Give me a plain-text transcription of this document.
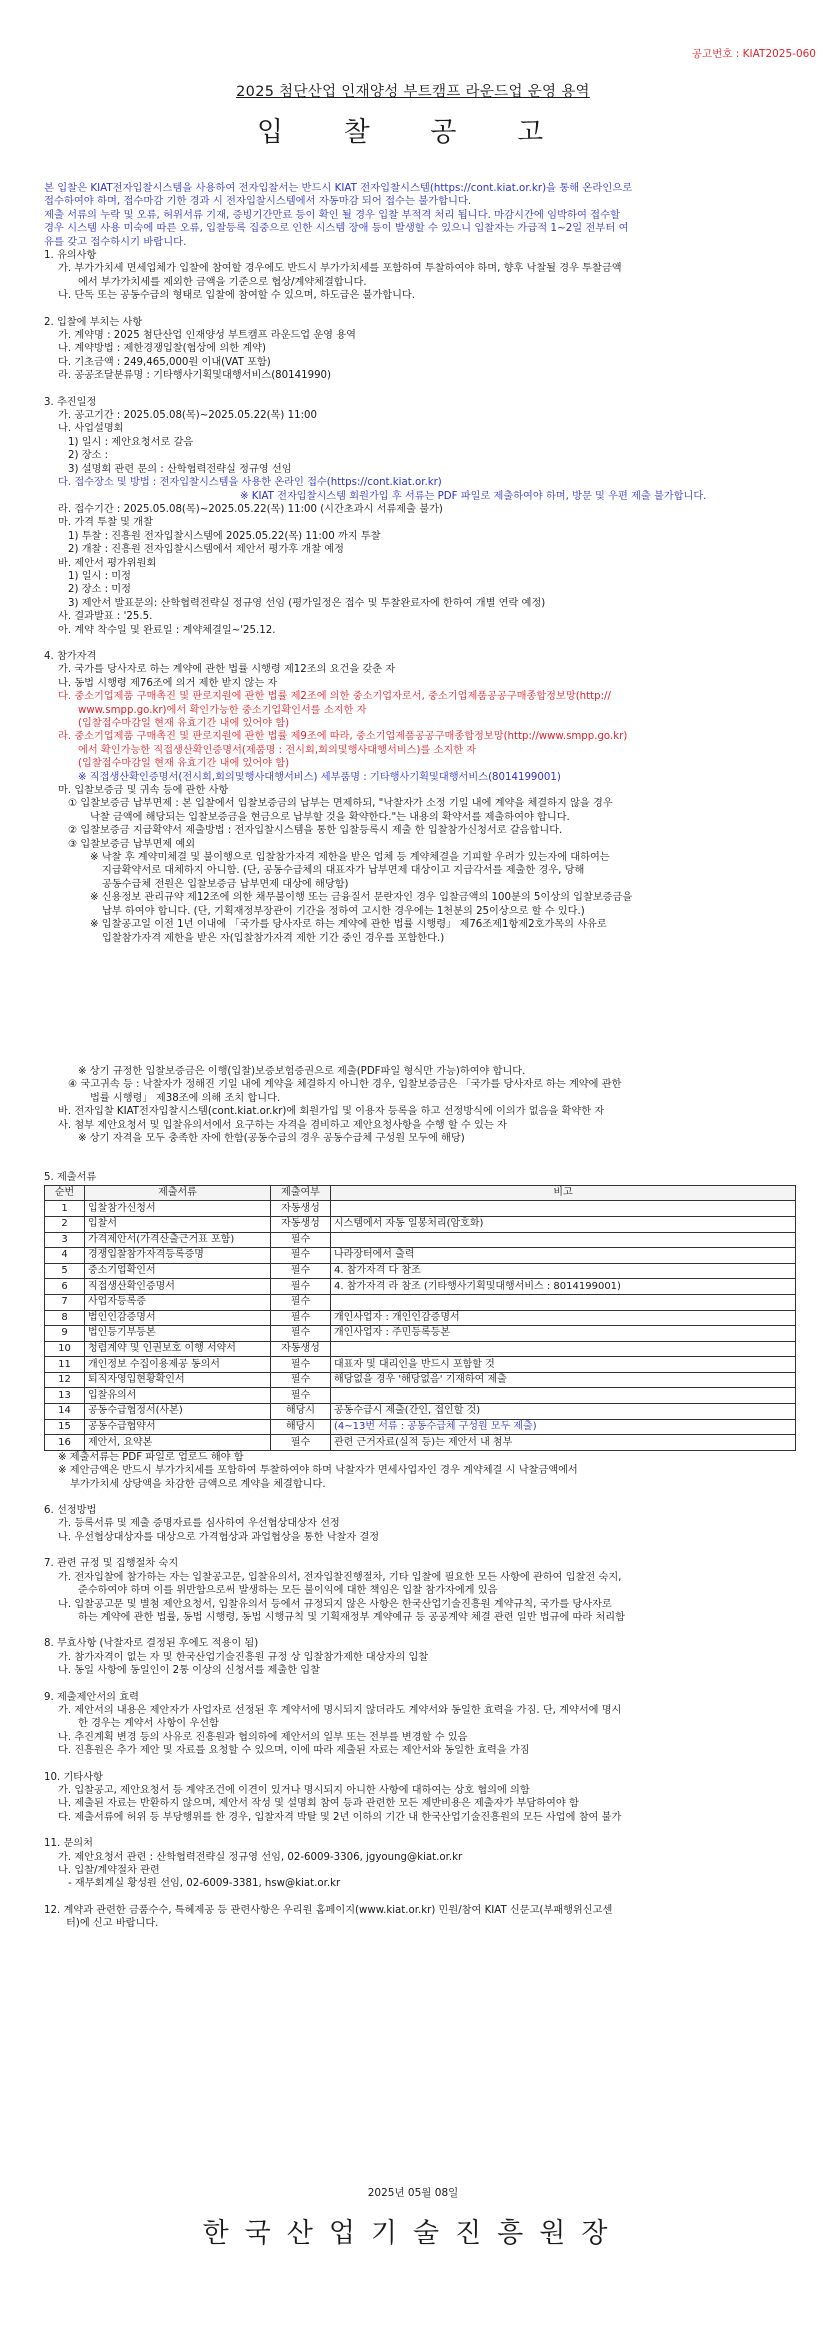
공고번호 : KIAT2025-060
2025 첨단산업 인재양성 부트캠프 라운드업 운영 용역
입 찰 공 고

본 입찰은 KIAT전자입찰시스템을 사용하여 전자입찰서는 반드시 KIAT 전자입찰시스템(https://cont.kiat.or.kr)을 통해 온라인으로

접수하여야 하며, 접수마감 기한 경과 시 전자입찰시스템에서 자동마감 되어 접수는 불가합니다.

제출 서류의 누락 및 오류, 허위서류 기재, 증빙기간만료 등이 확인 될 경우 입찰 부적격 처리 됩니다. 마감시간에 임박하여 접수할

경우 시스템 사용 미숙에 따른 오류, 입찰등록 집중으로 인한 시스템 장애 등이 발생할 수 있으니 입찰자는 가급적 1~2일 전부터 여

유를 갖고 접수하시기 바랍니다.

1. 유의사항

가. 부가가치세 면세업체가 입찰에 참여할 경우에도 반드시 부가가치세를 포함하여 투찰하여야 하며, 향후 낙찰될 경우 투찰금액

에서 부가가치세를 제외한 금액을 기준으로 협상/계약체결합니다.

나. 단독 또는 공동수급의 형태로 입찰에 참여할 수 있으며, 하도급은 불가합니다.

2. 입찰에 부치는 사항

가. 계약명 : 2025 첨단산업 인재양성 부트캠프 라운드업 운영 용역

나. 계약방법 : 제한경쟁입찰(협상에 의한 계약)

다. 기초금액 : 249,465,000원 이내(VAT 포함)

라. 공공조달분류명 : 기타행사기획및대행서비스(80141990)

3. 추진일정

가. 공고기간 : 2025.05.08(목)~2025.05.22(목) 11:00

나. 사업설명회

1) 일시 : 제안요청서로 갈음

2) 장소 :

3) 설명회 관련 문의 : 산학협력전략실 정규영 선임

다. 접수장소 및 방법 : 전자입찰시스템을 사용한 온라인 접수(https://cont.kiat.or.kr)

※ KIAT 전자입찰시스템 회원가입 후 서류는 PDF 파일로 제출하여야 하며, 방문 및 우편 제출 불가합니다.

라. 접수기간 : 2025.05.08(목)~2025.05.22(목) 11:00 (시간초과시 서류제출 불가)

마. 가격 투찰 및 개찰

1) 투찰 : 진흥원 전자입찰시스템에 2025.05.22(목) 11:00 까지 투찰

2) 개찰 : 진흥원 전자입찰시스템에서 제안서 평가후 개찰 예정

바. 제안서 평가위원회

1) 일시 : 미정

2) 장소 : 미정

3) 제안서 발표문의: 산학협력전략실 정규영 선임 (평가일정은 접수 및 투찰완료자에 한하여 개별 연락 예정)

사. 결과발표 : '25.5.

아. 계약 착수일 및 완료일 : 계약체결일~'25.12.

4. 참가자격

가. 국가를 당사자로 하는 계약에 관한 법률 시행령 제12조의 요건을 갖춘 자

나. 동법 시행령 제76조에 의거 제한 받지 않는 자

다. 중소기업제품 구매촉진 및 판로지원에 관한 법률 제2조에 의한 중소기업자로서, 중소기업제품공공구매종합정보망(http://

www.smpp.go.kr)에서 확인가능한 중소기업확인서를 소지한 자

(입찰접수마감일 현재 유효기간 내에 있어야 함)

라. 중소기업제품 구매촉진 및 판로지원에 관한 법률 제9조에 따라, 중소기업제품공공구매종합정보망(http://www.smpp.go.kr)

에서 확인가능한 직접생산확인증명서(제품명 : 전시회,회의및행사대행서비스)를 소지한 자

(입찰접수마감일 현재 유효기간 내에 있어야 함)

※ 직접생산확인증명서(전시회,회의및행사대행서비스) 세부품명 : 기타행사기획및대행서비스(8014199001)

마. 입찰보증금 및 귀속 등에 관한 사항

① 입찰보증금 납부면제 : 본 입찰에서 입찰보증금의 납부는 면제하되, "낙찰자가 소정 기일 내에 계약을 체결하지 않을 경우

낙찰 금액에 해당되는 입찰보증금을 현금으로 납부할 것을 확약한다."는 내용의 확약서를 제출하여야 합니다.

② 입찰보증금 지급확약서 제출방법 : 전자입찰시스템을 통한 입찰등록시 제출 한 입찰참가신청서로 갈음합니다.

③ 입찰보증금 납부면제 예외

※ 낙찰 후 계약미체결 및 불이행으로 입찰참가자격 제한을 받은 업체 등 계약체결을 기피할 우려가 있는자에 대하여는

지급확약서로 대체하지 아니함. (단, 공동수급체의 대표자가 납부면제 대상이고 지급각서를 제출한 경우, 당해

공동수급체 전원은 입찰보증금 납부면제 대상에 해당함)

※ 신용정보 관리규약 제12조에 의한 채무불이행 또는 금융질서 문란자인 경우 입찰금액의 100분의 5이상의 입찰보증금을

납부 하여야 합니다. (단, 기획재정부장관이 기간을 정하여 고시한 경우에는 1천분의 25이상으로 할 수 있다.)

※ 입찰공고일 이전 1년 이내에 「국가를 당사자로 하는 계약에 관한 법률 시행령」 제76조제1항제2호가목의 사유로

입찰참가자격 제한을 받은 자(입찰참가자격 제한 기간 중인 경우를 포함한다.)

※ 상기 규정한 입찰보증금은 이행(입찰)보증보험증권으로 제출(PDF파일 형식만 가능)하여야 합니다.

④ 국고귀속 등 : 낙찰자가 정해진 기일 내에 계약을 체결하지 아니한 경우, 입찰보증금은 「국가를 당사자로 하는 계약에 관한

법률 시행령」 제38조에 의해 조치 합니다.

바. 전자입찰 KIAT전자입찰시스템(cont.kiat.or.kr)에 회원가입 및 이용자 등록을 하고 선정방식에 이의가 없음을 확약한 자

사. 첨부 제안요청서 및 입찰유의서에서 요구하는 자격을 겸비하고 제안요청사항을 수행 할 수 있는 자

※ 상기 자격을 모두 충족한 자에 한함(공동수급의 경우 공동수급체 구성원 모두에 해당)

5. 제출서류

순번	제출서류	제출여부	비고
1	입찰참가신청서	자동생성	
2	입찰서	자동생성	시스템에서 자동 일봉처리(암호화)
3	가격제안서(가격산출근거표 포함)	필수	
4	경쟁입찰참가자격등록증명	필수	나라장터에서 출력
5	중소기업확인서	필수	4. 참가자격 다 참조
6	직접생산확인증명서	필수	4. 참가자격 라 참조 (기타행사기획및대행서비스 : 8014199001)
7	사업자등록증	필수	
8	법인인감증명서	필수	개인사업자 : 개인인감증명서
9	법인등기부등본	필수	개인사업자 : 주민등록등본
10	청렴계약 및 인권보호 이행 서약서	자동생성	
11	개인정보 수집이용제공 동의서	필수	대표자 및 대리인을 반드시 포함할 것
12	퇴직자영입현황확인서	필수	해당없을 경우 '해당없음' 기재하여 제출
13	입찰유의서	필수	
14	공동수급협정서(사본)	해당시	공동수급시 제출(간인, 접인할 것)
15	공동수급협약서	해당시	(4~13번 서류 : 공동수급체 구성원 모두 제출)
16	제안서, 요약본	필수	관련 근거자료(실적 등)는 제안서 내 첨부

※ 제출서류는 PDF 파일로 업로드 해야 함

※ 제안금액은 반드시 부가가치세를 포함하여 투찰하여야 하며 낙찰자가 면세사업자인 경우 계약체결 시 낙찰금액에서

부가가치세 상당액을 차감한 금액으로 계약을 체결합니다.

6. 선정방법

가. 등록서류 및 제출 증명자료를 심사하여 우선협상대상자 선정

나. 우선협상대상자를 대상으로 가격협상과 과업협상을 통한 낙찰자 결정

7. 관련 규정 및 집행절차 숙지

가. 전자입찰에 참가하는 자는 입찰공고문, 입찰유의서, 전자입찰진행절차, 기타 입찰에 필요한 모든 사항에 관하여 입찰전 숙지,

준수하여야 하며 이를 위반함으로써 발생하는 모든 불이익에 대한 책임은 입찰 참가자에게 있음

나. 입찰공고문 및 별첨 제안요청서, 입찰유의서 등에서 규정되지 않은 사항은 한국산업기술진흥원 계약규칙, 국가를 당사자로

하는 계약에 관한 법률, 동법 시행령, 동법 시행규칙 및 기획재정부 계약예규 등 공공계약 체결 관련 일반 법규에 따라 처리함

8. 무효사항 (낙찰자로 결정된 후에도 적용이 됨)

가. 참가자격이 없는 자 및 한국산업기술진흥원 규정 상 입찰참가제한 대상자의 입찰

나. 동일 사항에 동일인이 2통 이상의 신청서를 제출한 입찰

9. 제출제안서의 효력

가. 제안서의 내용은 제안자가 사업자로 선정된 후 계약서에 명시되지 않더라도 계약서와 동일한 효력을 가짐. 단, 계약서에 명시

한 경우는 계약서 사항이 우선함

나. 추진계획 변경 등의 사유로 진흥원과 협의하에 제안서의 일부 또는 전부를 변경할 수 있음

다. 진흥원은 추가 제안 및 자료를 요청할 수 있으며, 이에 따라 제출된 자료는 제안서와 동일한 효력을 가짐

10. 기타사항

가. 입찰공고, 제안요청서 등 계약조건에 이견이 있거나 명시되지 아니한 사항에 대하여는 상호 협의에 의함

나. 제출된 자료는 반환하지 않으며, 제안서 작성 및 설명회 참여 등과 관련한 모든 제반비용은 제출자가 부담하여야 함

다. 제출서류에 허위 등 부당행위를 한 경우, 입찰자격 박탈 및 2년 이하의 기간 내 한국산업기술진흥원의 모든 사업에 참여 불가

11. 문의처

가. 제안요청서 관련 : 산학협력전략실 정규영 선임, 02-6009-3306, jgyoung@kiat.or.kr

나. 입찰/계약절차 관련

- 재무회계실 황성원 선임, 02-6009-3381, hsw@kiat.or.kr

12. 계약과 관련한 금품수수, 특혜제공 등 관련사항은 우리원 홈페이지(www.kiat.or.kr) 민원/참여 KIAT 신문고(부패행위신고센

터)에 신고 바랍니다.

2025년 05월 08일
한국산업기술진흥원장
